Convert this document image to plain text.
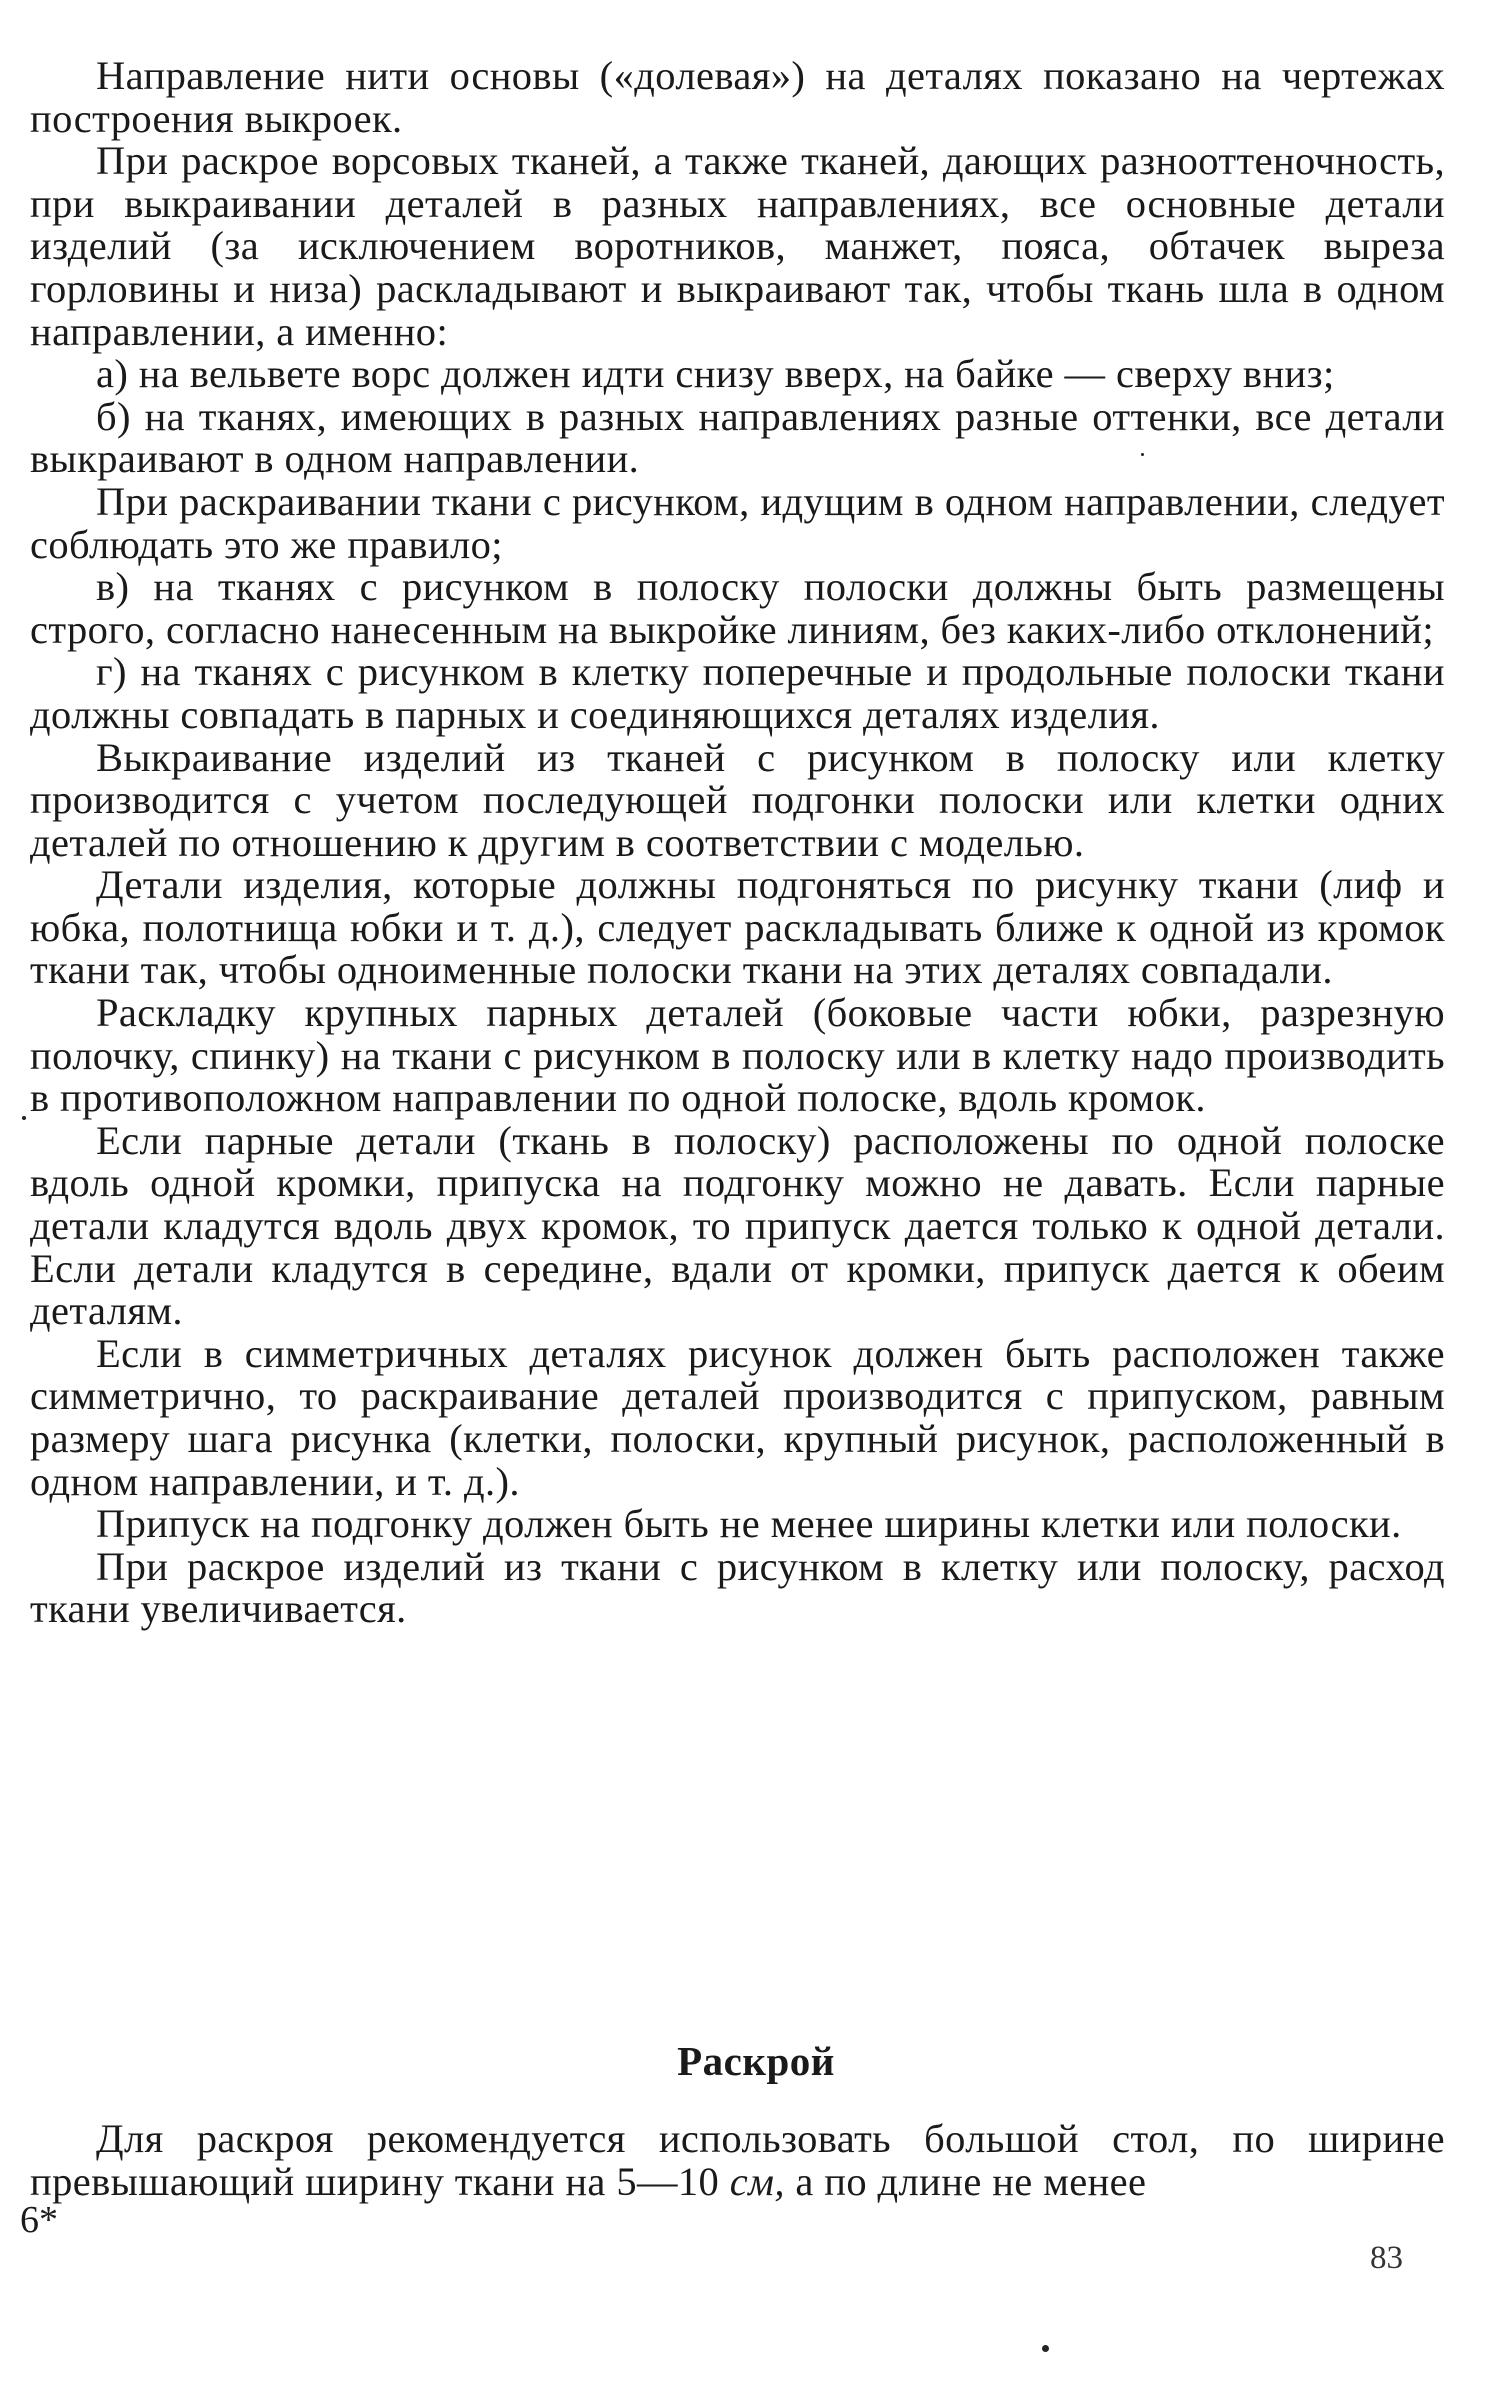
Направление нити основы («долевая») на деталях показано на чертежах построения выкроек.

При раскрое ворсовых тканей, а также тканей, дающих разнооттеночность, при выкраивании деталей в разных направлениях, все основные детали изделий (за исключением воротников, манжет, пояса, обтачек выреза горловины и низа) раскладывают и выкраивают так, чтобы ткань шла в одном направлении, а именно:

а) на вельвете ворс должен идти снизу вверх, на байке — сверху вниз;

б) на тканях, имеющих в разных направлениях разные оттенки, все детали выкраивают в одном направлении.

При раскраивании ткани с рисунком, идущим в одном направлении, следует соблюдать это же правило;

в) на тканях с рисунком в полоску полоски должны быть размещены строго, согласно нанесенным на выкройке линиям, без каких-либо отклонений;

г) на тканях с рисунком в клетку поперечные и продольные полоски ткани должны совпадать в парных и соединяющихся деталях изделия.

Выкраивание изделий из тканей с рисунком в полоску или клетку производится с учетом последующей подгонки полоски или клетки одних деталей по отношению к другим в соответствии с моделью.

Детали изделия, которые должны подгоняться по рисунку ткани (лиф и юбка, полотнища юбки и т. д.), следует раскладывать ближе к одной из кромок ткани так, чтобы одноименные полоски ткани на этих деталях совпадали.

Раскладку крупных парных деталей (боковые части юбки, разрезную полочку, спинку) на ткани с рисунком в полоску или в клетку надо производить в противоположном направлении по одной полоске, вдоль кромок.

Если парные детали (ткань в полоску) расположены по одной полоске вдоль одной кромки, припуска на подгонку можно не давать. Если парные детали кладутся вдоль двух кромок, то припуск дается только к одной детали. Если детали кладутся в середине, вдали от кромки, припуск дается к обеим деталям.

Если в симметричных деталях рисунок должен быть расположен также симметрично, то раскраивание деталей производится с припуском, равным размеру шага рисунка (клетки, полоски, крупный рисунок, расположенный в одном направлении, и т. д.).

Припуск на подгонку должен быть не менее ширины клетки или полоски.

При раскрое изделий из ткани с рисунком в клетку или полоску, расход ткани увеличивается.

Раскрой

Для раскроя рекомендуется использовать большой стол, по ширине превышающий ширину ткани на 5—10 см, а по длине не менее

6*
83
